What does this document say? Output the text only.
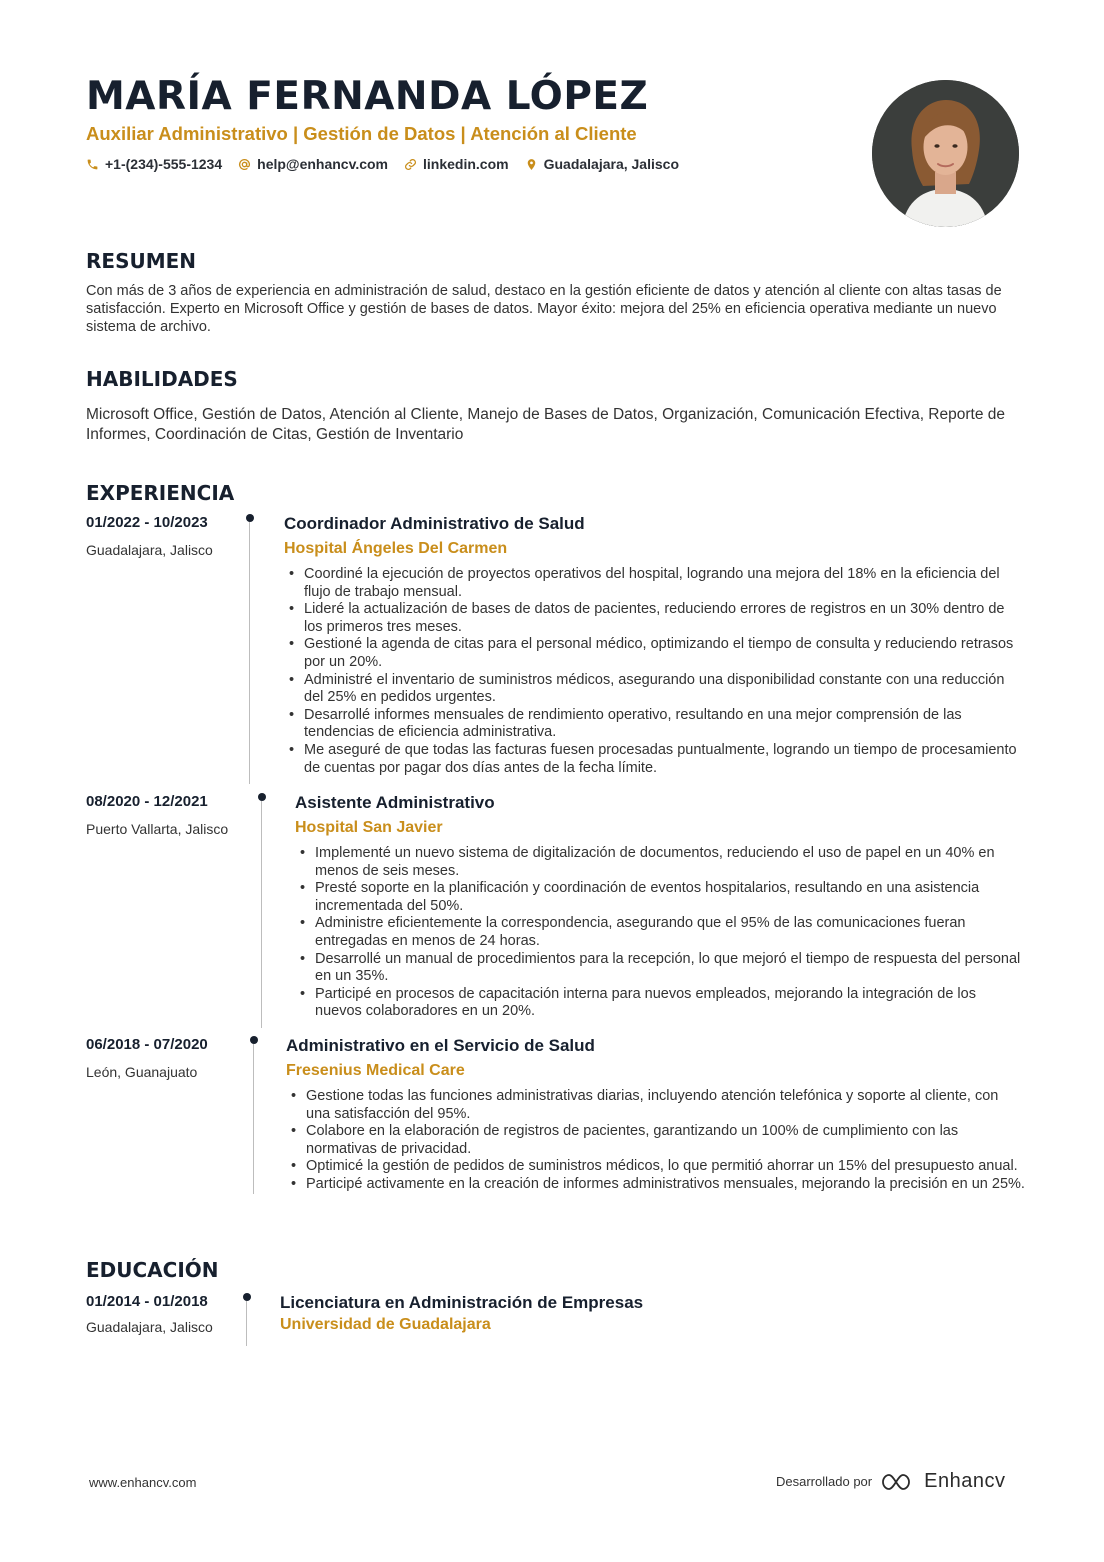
MARÍA FERNANDA LÓPEZ
Auxiliar Administrativo | Gestión de Datos | Atención al Cliente
+1-(234)-555-1234	help@enhancv.com	linkedin.com	Guadalajara, Jalisco
RESUMEN

Con más de 3 años de experiencia en administración de salud, destaco en la gestión eficiente de datos y atención al cliente con altas tasas de satisfacción. Experto en Microsoft Office y gestión de bases de datos. Mayor éxito: mejora del 25% en eficiencia operativa mediante un nuevo sistema de archivo.

HABILIDADES

Microsoft Office, Gestión de Datos, Atención al Cliente, Manejo de Bases de Datos, Organización, Comunicación Efectiva, Reporte de Informes, Coordinación de Citas, Gestión de Inventario

EXPERIENCIA
01/2022 - 10/2023
Guadalajara, Jalisco
Coordinador Administrativo de Salud
Hospital Ángeles Del Carmen
• Coordiné la ejecución de proyectos operativos del hospital, logrando una mejora del 18% en la eficiencia del flujo de trabajo mensual.
• Lideré la actualización de bases de datos de pacientes, reduciendo errores de registros en un 30% dentro de los primeros tres meses.
• Gestioné la agenda de citas para el personal médico, optimizando el tiempo de consulta y reduciendo retrasos por un 20%.
• Administré el inventario de suministros médicos, asegurando una disponibilidad constante con una reducción del 25% en pedidos urgentes.
• Desarrollé informes mensuales de rendimiento operativo, resultando en una mejor comprensión de las tendencias de eficiencia administrativa.
• Me aseguré de que todas las facturas fuesen procesadas puntualmente, logrando un tiempo de procesamiento de cuentas por pagar dos días antes de la fecha límite.
08/2020 - 12/2021
Puerto Vallarta, Jalisco
Asistente Administrativo
Hospital San Javier
• Implementé un nuevo sistema de digitalización de documentos, reduciendo el uso de papel en un 40% en menos de seis meses.
• Presté soporte en la planificación y coordinación de eventos hospitalarios, resultando en una asistencia incrementada del 50%.
• Administre eficientemente la correspondencia, asegurando que el 95% de las comunicaciones fueran entregadas en menos de 24 horas.
• Desarrollé un manual de procedimientos para la recepción, lo que mejoró el tiempo de respuesta del personal en un 35%.
• Participé en procesos de capacitación interna para nuevos empleados, mejorando la integración de los nuevos colaboradores en un 20%.
06/2018 - 07/2020
León, Guanajuato
Administrativo en el Servicio de Salud
Fresenius Medical Care
• Gestione todas las funciones administrativas diarias, incluyendo atención telefónica y soporte al cliente, con una satisfacción del 95%.
• Colabore en la elaboración de registros de pacientes, garantizando un 100% de cumplimiento con las normativas de privacidad.
• Optimicé la gestión de pedidos de suministros médicos, lo que permitió ahorrar un 15% del presupuesto anual.
• Participé activamente en la creación de informes administrativos mensuales, mejorando la precisión en un 25%.
EDUCACIÓN
01/2014 - 01/2018
Guadalajara, Jalisco
Licenciatura en Administración de Empresas
Universidad de Guadalajara
www.enhancv.com	Desarrollado por	Enhancv
